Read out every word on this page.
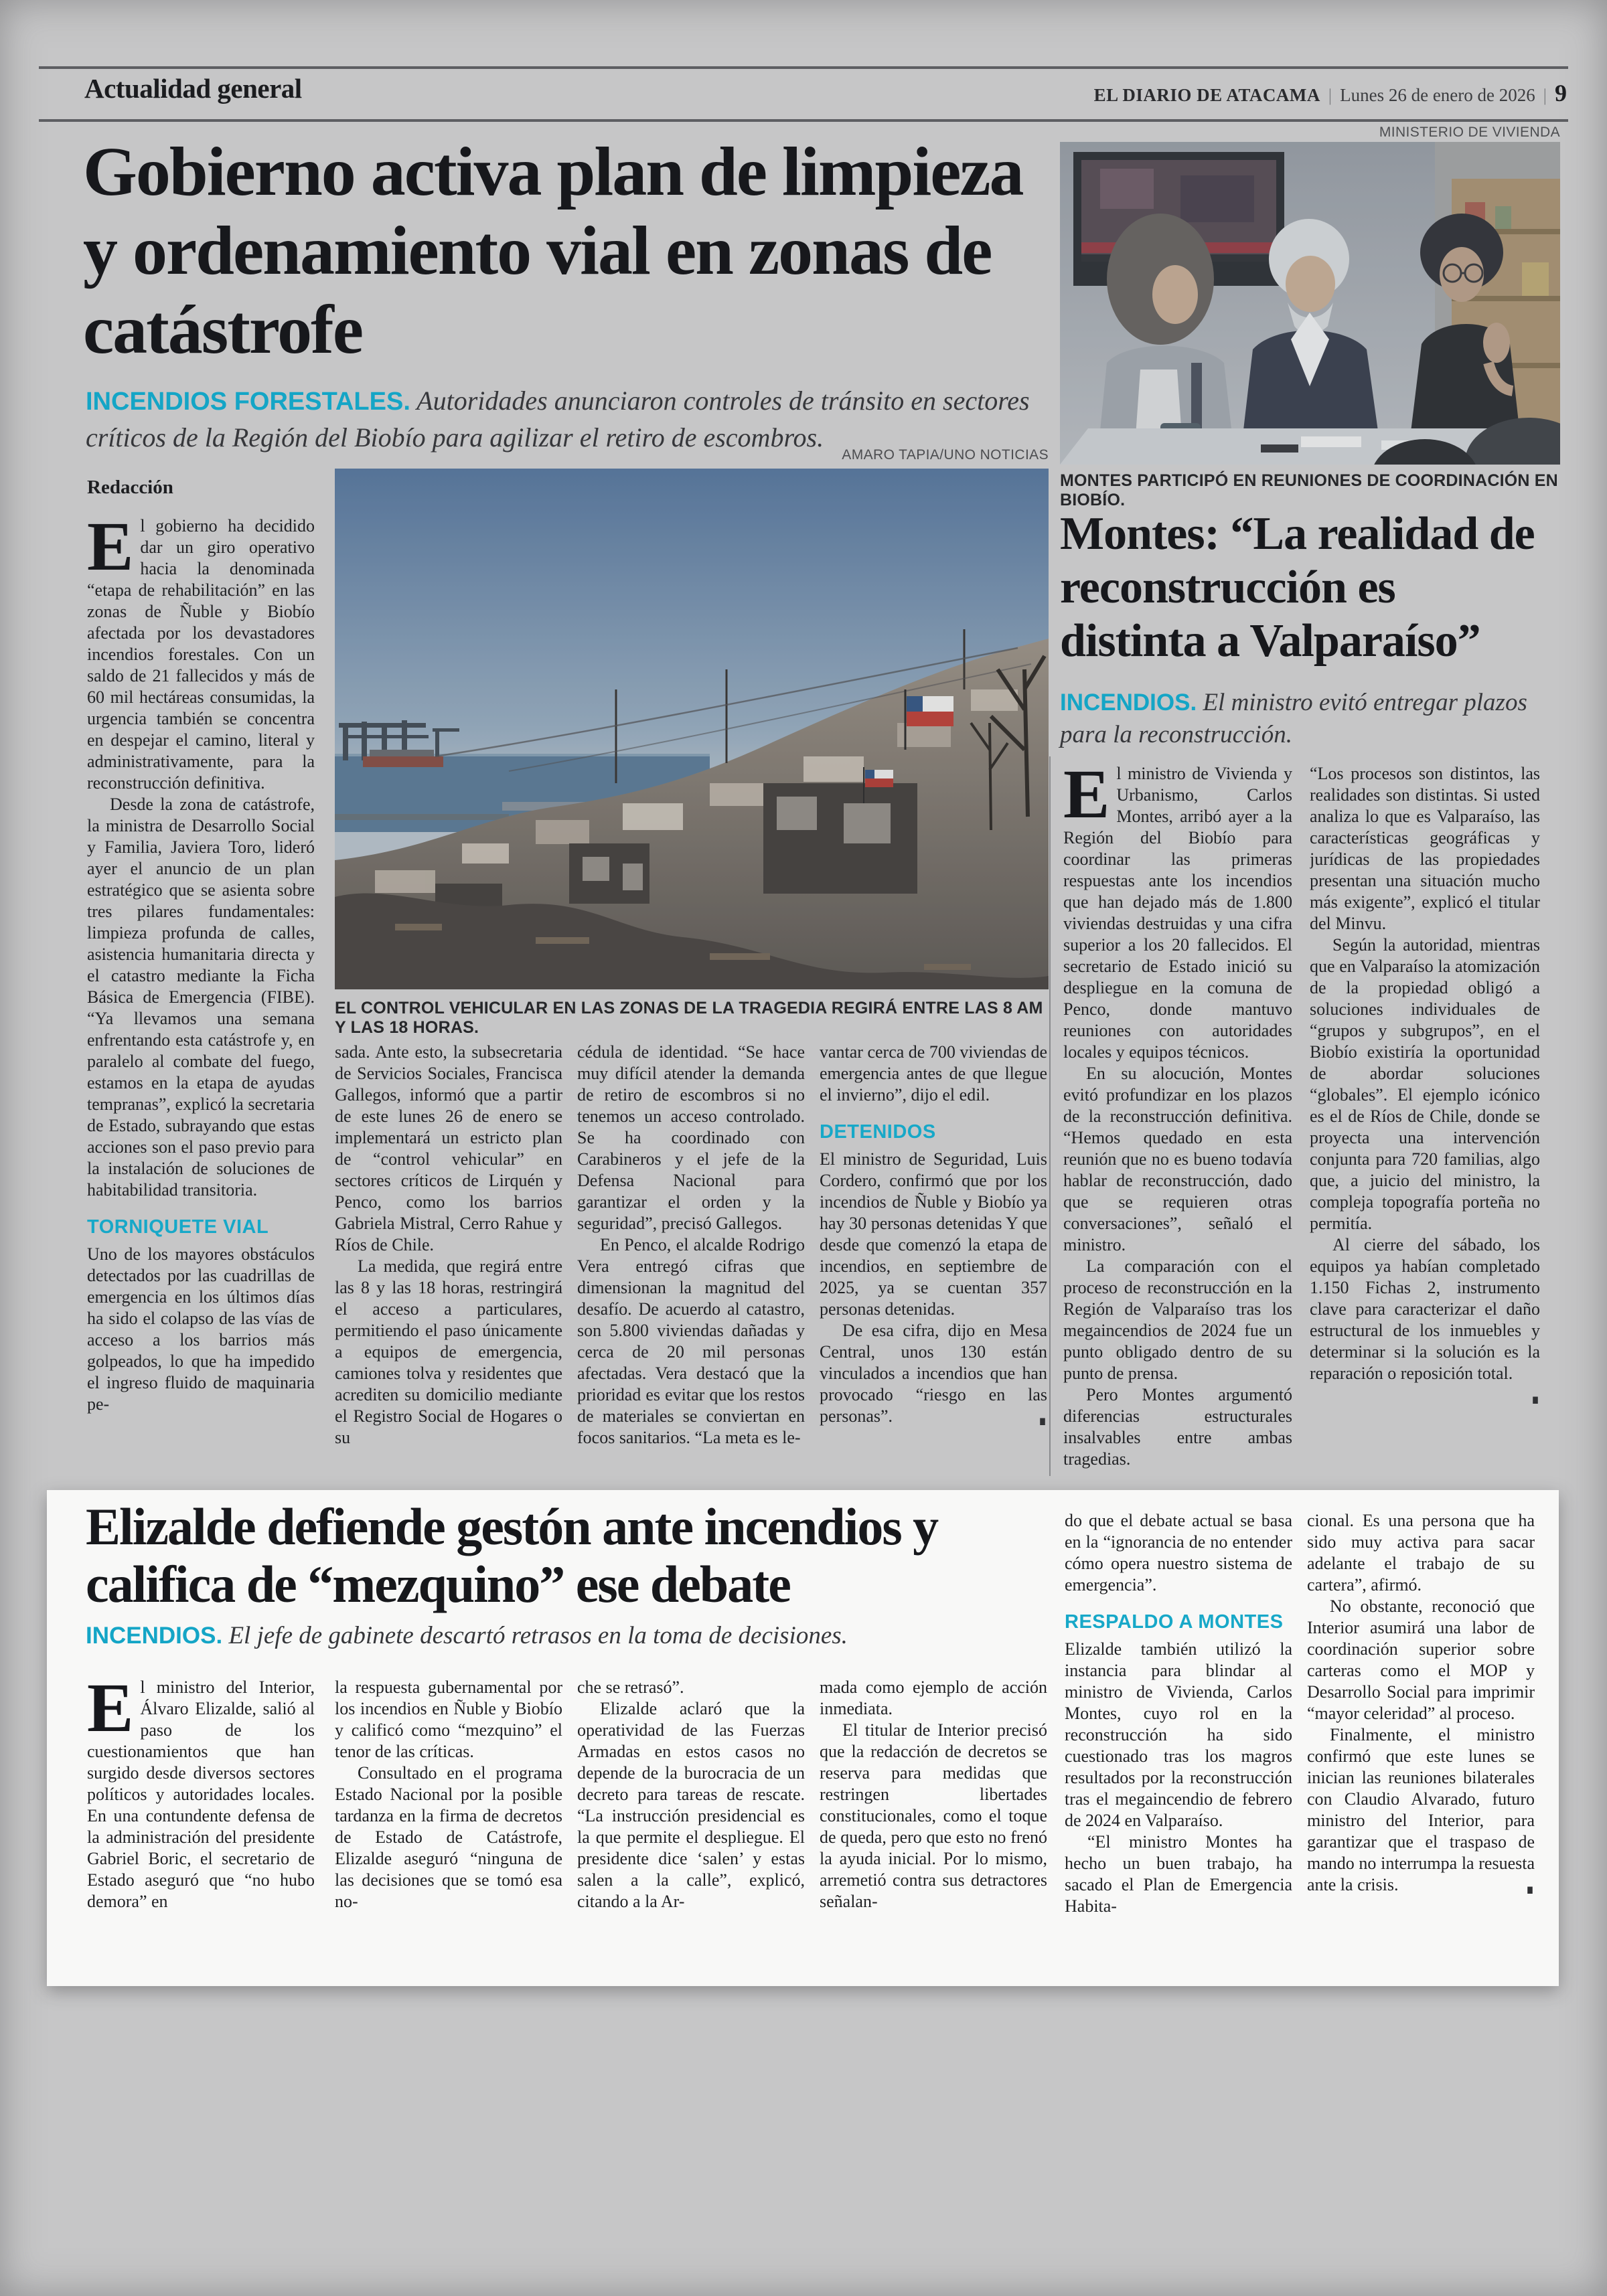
Actualidad general	EL DIARIO DE ATACAMA | Lunes 26 de enero de 2026 | 9
Gobierno activa plan de limpieza y ordenamiento vial en zonas de catástrofe
INCENDIOS FORESTALES. Autoridades anunciaron controles de tránsito en sectores críticos de la Región del Biobío para agilizar el retiro de escombros.
Redacción
AMARO TAPIA/UNO NOTICIAS
EL CONTROL VEHICULAR EN LAS ZONAS DE LA TRAGEDIA REGIRÁ ENTRE LAS 8 AM Y LAS 18 HORAS.

El gobierno ha decidido dar un giro operativo hacia la denominada “etapa de rehabilitación” en las zonas de Ñuble y Biobío afectada por los devastadores incendios forestales. Con un saldo de 21 fallecidos y más de 60 mil hectáreas consumidas, la urgencia también se concentra en despejar el camino, literal y administrativamente, para la reconstrucción definitiva.

Desde la zona de catástrofe, la ministra de Desarrollo Social y Familia, Javiera Toro, lideró ayer el anuncio de un plan estratégico que se asienta sobre tres pilares fundamentales: limpieza profunda de calles, asistencia humanitaria directa y el catastro mediante la Ficha Básica de Emergencia (FIBE). “Ya llevamos una semana enfrentando esta catástrofe y, en paralelo al combate del fuego, estamos en la etapa de ayudas tempranas”, explicó la secretaria de Estado, subrayando que estas acciones son el paso previo para la instalación de soluciones de habitabilidad transitoria.

TORNIQUETE VIAL

Uno de los mayores obstáculos detectados por las cuadrillas de emergencia en los últimos días ha sido el colapso de las vías de acceso a los barrios más golpeados, lo que ha impedido el ingreso fluido de maquinaria pe-

sada. Ante esto, la subsecretaria de Servicios Sociales, Francisca Gallegos, informó que a partir de este lunes 26 de enero se implementará un estricto plan de “control vehicular” en sectores críticos de Lirquén y Penco, como los barrios Gabriela Mistral, Cerro Rahue y Ríos de Chile.

La medida, que regirá entre las 8 y las 18 horas, restringirá el acceso a particulares, permitiendo el paso únicamente a equipos de emergencia, camiones tolva y residentes que acrediten su domicilio mediante el Registro Social de Hogares o su

cédula de identidad. “Se hace muy difícil atender la demanda de retiro de escombros si no tenemos un acceso controlado. Se ha coordinado con Carabineros y el jefe de la Defensa Nacional para garantizar el orden y la seguridad”, precisó Gallegos.

En Penco, el alcalde Rodrigo Vera entregó cifras que dimensionan la magnitud del desafío. De acuerdo al catastro, son 5.800 viviendas dañadas y cerca de 20 mil personas afectadas. Vera destacó que la prioridad es evitar que los restos de materiales se conviertan en focos sanitarios. “La meta es le-

vantar cerca de 700 viviendas de emergencia antes de que llegue el invierno”, dijo el edil.

DETENIDOS

El ministro de Seguridad, Luis Cordero, confirmó que por los incendios de Ñuble y Biobío ya hay 30 personas detenidas Y que desde que comenzó la etapa de incendios, en septiembre de 2025, ya se cuentan 357 personas detenidas.

De esa cifra, dijo en Mesa Central, unos 130 están vinculados a incendios que han provocado “riesgo en las personas”.	∎

MINISTERIO DE VIVIENDA
MONTES PARTICIPÓ EN REUNIONES DE COORDINACIÓN EN BIOBÍO.
Montes: “La realidad de reconstrucción es distinta a Valparaíso”
INCENDIOS. El ministro evitó entregar plazos para la reconstrucción.

El ministro de Vivienda y Urbanismo, Carlos Montes, arribó ayer a la Región del Biobío para coordinar las primeras respuestas ante los incendios que han dejado más de 1.800 viviendas destruidas y una cifra superior a los 20 fallecidos. El secretario de Estado inició su despliegue en la comuna de Penco, donde mantuvo reuniones con autoridades locales y equipos técnicos.

En su alocución, Montes evitó profundizar en los plazos de la reconstrucción definitiva. “Hemos quedado en esta reunión que no es bueno todavía hablar de reconstrucción, dado que se requieren otras conversaciones”, señaló el ministro.

La comparación con el proceso de reconstrucción en la Región de Valparaíso tras los megaincendios de 2024 fue un punto obligado dentro de su punto de prensa.

Pero Montes argumentó diferencias estructurales insalvables entre ambas tragedias.

“Los procesos son distintos, las realidades son distintas. Si usted analiza lo que es Valparaíso, las características geográficas y jurídicas de las propiedades presentan una situación mucho más exigente”, explicó el titular del Minvu.

Según la autoridad, mientras que en Valparaíso la atomización de la propiedad obligó a soluciones individuales de “grupos y subgrupos”, en el Biobío existiría la oportunidad de abordar soluciones “globales”. El ejemplo icónico es el de Ríos de Chile, donde se proyecta una intervención conjunta para 720 familias, algo que, a juicio del ministro, la compleja topografía porteña no permitía.

Al cierre del sábado, los equipos ya habían completado 1.150 Fichas 2, instrumento clave para caracterizar el daño estructural de los inmuebles y determinar si la solución es la reparación o reposición total.
∎

Elizalde defiende gestón ante incendios y califica de “mezquino” ese debate
INCENDIOS. El jefe de gabinete descartó retrasos en la toma de decisiones.

El ministro del Interior, Álvaro Elizalde, salió al paso de los cuestionamientos que han surgido desde diversos sectores políticos y autoridades locales. En una contundente defensa de la administración del presidente Gabriel Boric, el secretario de Estado aseguró que “no hubo demora” en

la respuesta gubernamental por los incendios en Ñuble y Biobío y calificó como “mezquino” el tenor de las críticas.

Consultado en el programa Estado Nacional por la posible tardanza en la firma de decretos de Estado de Catástrofe, Elizalde aseguró “ninguna de las decisiones que se tomó esa no-

che se retrasó”.

Elizalde aclaró que la operatividad de las Fuerzas Armadas en estos casos no depende de la burocracia de un decreto para tareas de rescate. “La instrucción presidencial es la que permite el despliegue. El presidente dice ‘salen’ y estas salen a la calle”, explicó, citando a la Ar-

mada como ejemplo de acción inmediata.

El titular de Interior precisó que la redacción de decretos se reserva para medidas que restringen libertades constitucionales, como el toque de queda, pero que esto no frenó la ayuda inicial. Por lo mismo, arremetió contra sus detractores señalan-

do que el debate actual se basa en la “ignorancia de no entender cómo opera nuestro sistema de emergencia”.

RESPALDO A MONTES

Elizalde también utilizó la instancia para blindar al ministro de Vivienda, Carlos Montes, cuyo rol en la reconstrucción ha sido cuestionado tras los magros resultados por la reconstrucción tras el megaincendio de febrero de 2024 en Valparaíso.

“El ministro Montes ha hecho un buen trabajo, ha sacado el Plan de Emergencia Habita-

cional. Es una persona que ha sido muy activa para sacar adelante el trabajo de su cartera”, afirmó.

No obstante, reconoció que Interior asumirá una labor de coordinación superior sobre carteras como el MOP y Desarrollo Social para imprimir “mayor celeridad” al proceso.

Finalmente, el ministro confirmó que este lunes se inician las reuniones bilaterales con Claudio Alvarado, futuro ministro del Interior, para garantizar que el traspaso de mando no interrumpa la resuesta ante la crisis.	∎
